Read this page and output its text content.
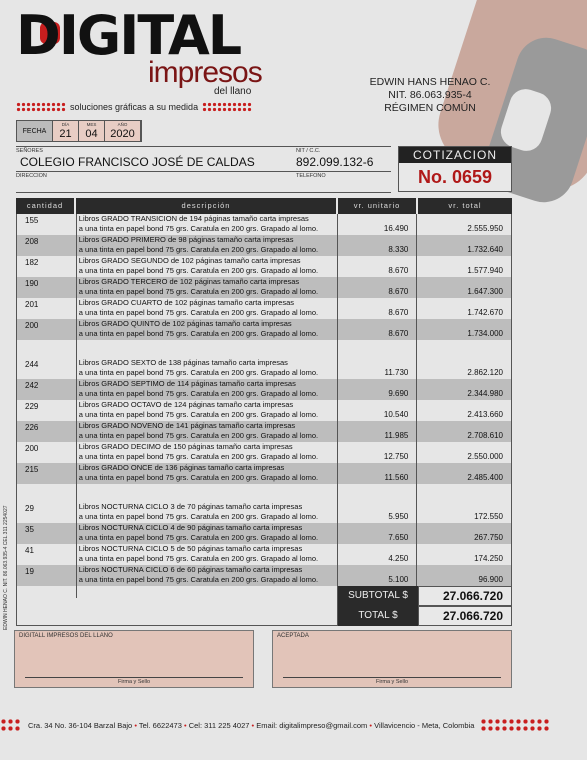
DIGITAL
impresos
del llano
soluciones gráficas a su medida
EDWIN HANS HENAO C.
NIT. 86.063.935-4
RÉGIMEN COMÚN
FECHA
DÍA
21
MES
04
AÑO
2020
SEÑORES
COLEGIO FRANCISCO JOSÉ DE CALDAS
NIT / C.C.
892.099.132-6
DIRECCION	TELEFONO
COTIZACION
No. 0659
cantidad	descripción	vr. unitario	vr. total
155	Libros GRADO TRANSICION de 194 páginas tamaño carta impresas
a una tinta en papel bond 75 grs. Caratula en 200 grs. Grapado al lomo.	16.490	2.555.950
208	Libros GRADO PRIMERO de 98 páginas tamaño carta impresas
a una tinta en papel bond 75 grs. Caratula en 200 grs. Grapado al lomo.	8.330	1.732.640
182	Libros GRADO SEGUNDO de 102 páginas tamaño carta impresas
a una tinta en papel bond 75 grs. Caratula en 200 grs. Grapado al lomo.	8.670	1.577.940
190	Libros GRADO TERCERO de 102 páginas tamaño carta impresas
a una tinta en papel bond 75 grs. Caratula en 200 grs. Grapado al lomo.	8.670	1.647.300
201	Libros GRADO CUARTO de 102 páginas tamaño carta impresas
a una tinta en papel bond 75 grs. Caratula en 200 grs. Grapado al lomo.	8.670	1.742.670
200	Libros GRADO QUINTO de 102 páginas tamaño carta impresas
a una tinta en papel bond 75 grs. Caratula en 200 grs. Grapado al lomo.	8.670	1.734.000
244	Libros GRADO SEXTO de 138 páginas tamaño carta impresas
a una tinta en papel bond 75 grs. Caratula en 200 grs. Grapado al lomo.	11.730	2.862.120
242	Libros GRADO SEPTIMO de 114 páginas tamaño carta impresas
a una tinta en papel bond 75 grs. Caratula en 200 grs. Grapado al lomo.	9.690	2.344.980
229	Libros GRADO OCTAVO de 124 páginas tamaño carta impresas
a una tinta en papel bond 75 grs. Caratula en 200 grs. Grapado al lomo.	10.540	2.413.660
226	Libros GRADO NOVENO de 141 páginas tamaño carta impresas
a una tinta en papel bond 75 grs. Caratula en 200 grs. Grapado al lomo.	11.985	2.708.610
200	Libros GRADO DECIMO de 150 páginas tamaño carta impresas
a una tinta en papel bond 75 grs. Caratula en 200 grs. Grapado al lomo.	12.750	2.550.000
215	Libros GRADO ONCE de 136 páginas tamaño carta impresas
a una tinta en papel bond 75 grs. Caratula en 200 grs. Grapado al lomo.	11.560	2.485.400
29	Libros NOCTURNA CICLO 3 de 70 páginas tamaño carta impresas
a una tinta en papel bond 75 grs. Caratula en 200 grs. Grapado al lomo.	5.950	172.550
35	Libros NOCTURNA CICLO 4 de 90 páginas tamaño carta impresas
a una tinta en papel bond 75 grs. Caratula en 200 grs. Grapado al lomo.	7.650	267.750
41	Libros NOCTURNA CICLO 5 de 50 páginas tamaño carta impresas
a una tinta en papel bond 75 grs. Caratula en 200 grs. Grapado al lomo.	4.250	174.250
19	Libros NOCTURNA CICLO 6 de 60 páginas tamaño carta impresas
a una tinta en papel bond 75 grs. Caratula en 200 grs. Grapado al lomo.	5.100	96.900
EDWIN HENAO C. NIT. 86.063.935-4 CEL 311 2254027	SUBTOTAL $	27.066.720
TOTAL $	27.066.720
DIGITALL IMPRESOS DEL LLANO
Firma y Sello
ACEPTADA
Firma y Sello
Cra. 34 No. 36-104 Barzal Bajo • Tel. 6622473 • Cel: 311 225 4027 • Email: digitalimpreso@gmail.com • Villavicencio - Meta, Colombia
